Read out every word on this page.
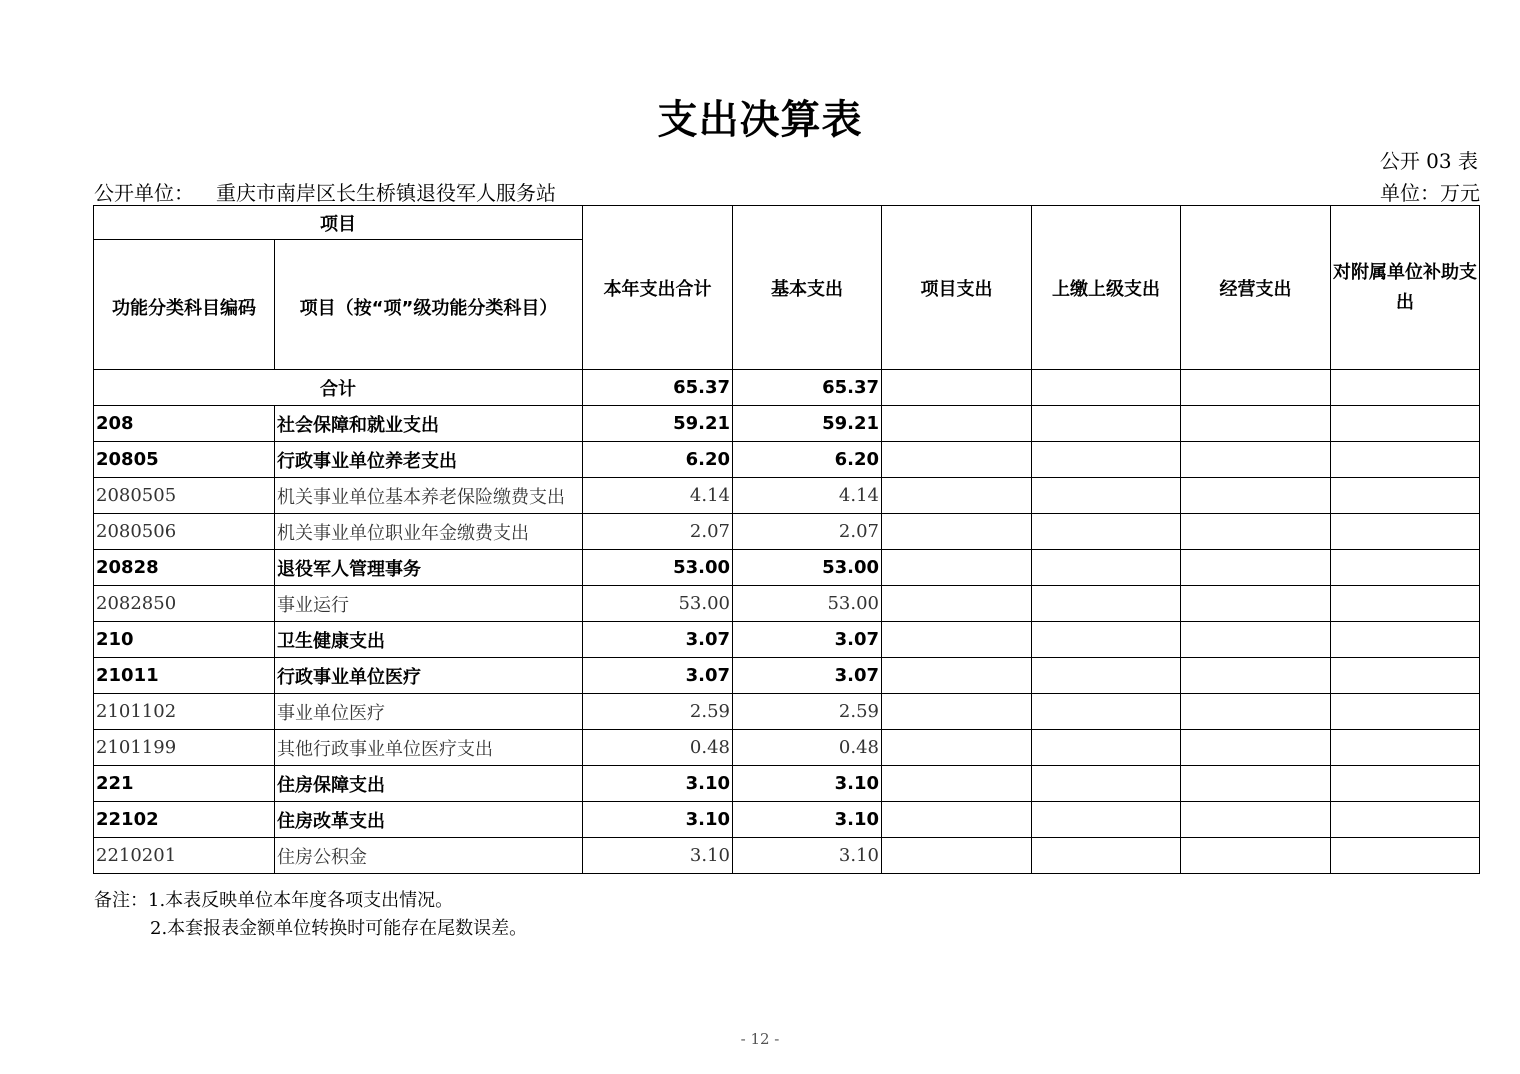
支出决算表
公开 03 表
公开单位： 重庆市南岸区长生桥镇退役军人服务站	单位：万元
项目		本年支出合计	基本支出	项目支出	上缴上级支出	经营支出	对附属单位补助支出
功能分类科目编码	项目（按“项”级功能分类科目）						
合计		65.37	65.37				
208	社会保障和就业支出	59.21	59.21				
20805	行政事业单位养老支出	6.20	6.20				
2080505	机关事业单位基本养老保险缴费支出	4.14	4.14				
2080506	机关事业单位职业年金缴费支出	2.07	2.07				
20828	退役军人管理事务	53.00	53.00				
2082850	事业运行	53.00	53.00				
210	卫生健康支出	3.07	3.07				
21011	行政事业单位医疗	3.07	3.07				
2101102	事业单位医疗	2.59	2.59				
2101199	其他行政事业单位医疗支出	0.48	0.48				
221	住房保障支出	3.10	3.10				
22102	住房改革支出	3.10	3.10				
2210201	住房公积金	3.10	3.10				
备注：1.本表反映单位本年度各项支出情况。
2.本套报表金额单位转换时可能存在尾数误差。
- 12 -
